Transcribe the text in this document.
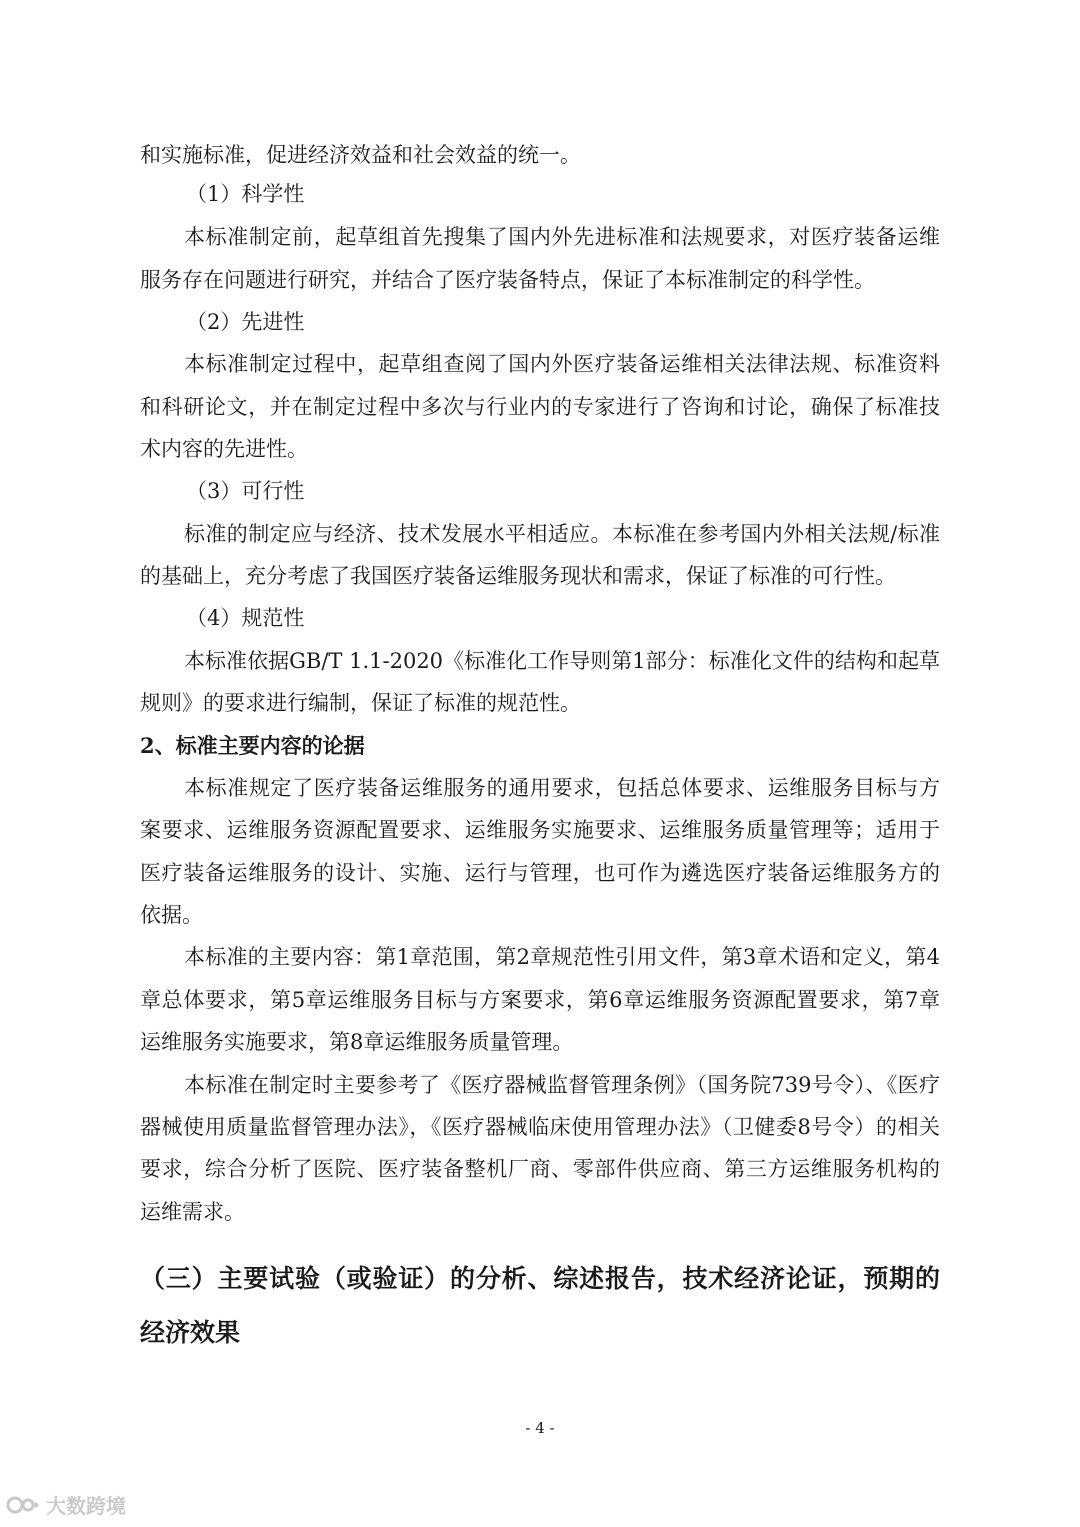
和实施标准，促进经济效益和社会效益的统一。
（1）科学性
本标准制定前，起草组首先搜集了国内外先进标准和法规要求，对医疗装备运维
服务存在问题进行研究，并结合了医疗装备特点，保证了本标准制定的科学性。
（2）先进性
本标准制定过程中，起草组查阅了国内外医疗装备运维相关法律法规、标准资料
和科研论文，并在制定过程中多次与行业内的专家进行了咨询和讨论，确保了标准技
术内容的先进性。
（3）可行性
标准的制定应与经济、技术发展水平相适应。本标准在参考国内外相关法规/标准
的基础上，充分考虑了我国医疗装备运维服务现状和需求，保证了标准的可行性。
（4）规范性
本标准依据GB/T 1.1-2020《标准化工作导则第1部分：标准化文件的结构和起草
规则》的要求进行编制，保证了标准的规范性。
2、标准主要内容的论据
本标准规定了医疗装备运维服务的通用要求，包括总体要求、运维服务目标与方
案要求、运维服务资源配置要求、运维服务实施要求、运维服务质量管理等；适用于
医疗装备运维服务的设计、实施、运行与管理，也可作为遴选医疗装备运维服务方的
依据。
本标准的主要内容：第1章范围，第2章规范性引用文件，第3章术语和定义，第4
章总体要求，第5章运维服务目标与方案要求，第6章运维服务资源配置要求，第7章
运维服务实施要求，第8章运维服务质量管理。
本标准在制定时主要参考了《医疗器械监督管理条例》（国务院739号令）、《医疗
器械使用质量监督管理办法》，《医疗器械临床使用管理办法》（卫健委8号令）的相关
要求，综合分析了医院、医疗装备整机厂商、零部件供应商、第三方运维服务机构的
运维需求。
（三）主要试验（或验证）的分析、综述报告，技术经济论证，预期的
经济效果
- 4 -
大数跨境
